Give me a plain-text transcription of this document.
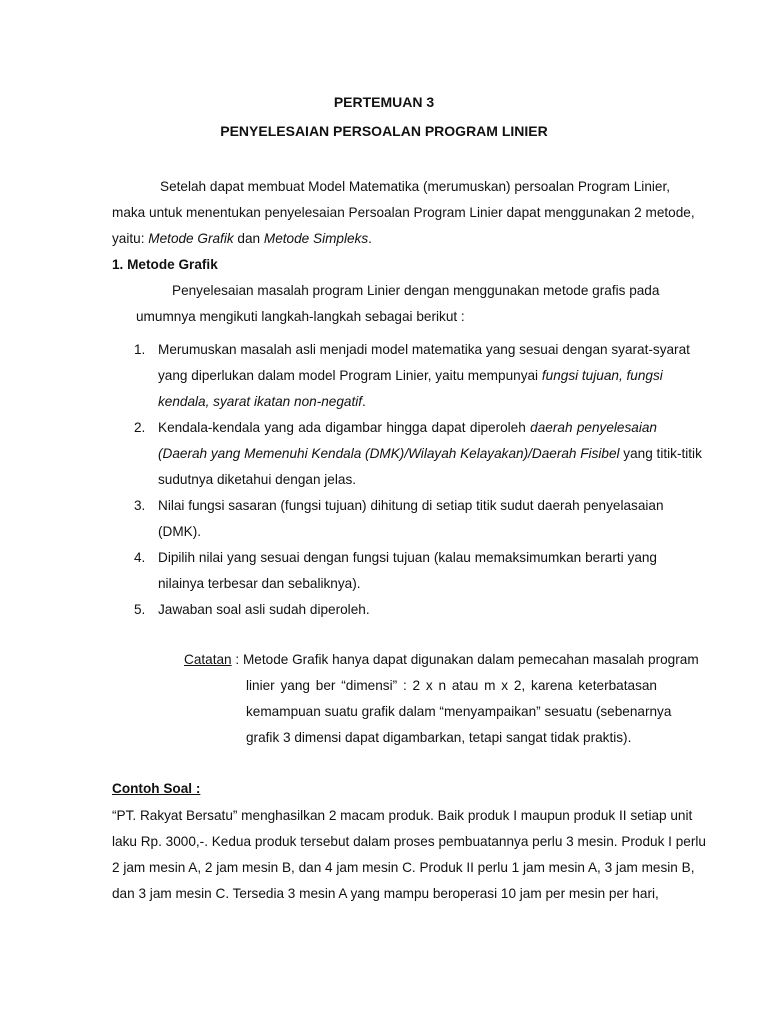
PERTEMUAN 3
PENYELESAIAN PERSOALAN PROGRAM LINIER
Setelah dapat membuat Model Matematika (merumuskan) persoalan Program Linier,
maka untuk menentukan penyelesaian Persoalan Program Linier dapat menggunakan 2 metode,
yaitu: Metode Grafik dan Metode Simpleks.
1. Metode Grafik
Penyelesaian masalah program Linier dengan menggunakan metode grafis pada
umumnya mengikuti langkah-langkah sebagai berikut :
1. Merumuskan masalah asli menjadi model matematika yang sesuai dengan syarat-syarat
yang diperlukan dalam model Program Linier, yaitu mempunyai fungsi tujuan, fungsi
kendala, syarat ikatan non-negatif.
2. Kendala-kendala yang ada digambar hingga dapat diperoleh daerah penyelesaian
(Daerah yang Memenuhi Kendala (DMK)/Wilayah Kelayakan)/Daerah Fisibel yang titik-titik
sudutnya diketahui dengan jelas.
3. Nilai fungsi sasaran (fungsi tujuan) dihitung di setiap titik sudut daerah penyelasaian
(DMK).
4. Dipilih nilai yang sesuai dengan fungsi tujuan (kalau memaksimumkan berarti yang
nilainya terbesar dan sebaliknya).
5. Jawaban soal asli sudah diperoleh.
Catatan : Metode Grafik hanya dapat digunakan dalam pemecahan masalah program
linier yang ber “dimensi” : 2 x n atau m x 2, karena keterbatasan
kemampuan suatu grafik dalam “menyampaikan” sesuatu (sebenarnya
grafik 3 dimensi dapat digambarkan, tetapi sangat tidak praktis).
Contoh Soal :
“PT. Rakyat Bersatu” menghasilkan 2 macam produk. Baik produk I maupun produk II setiap unit
laku Rp. 3000,-. Kedua produk tersebut dalam proses pembuatannya perlu 3 mesin. Produk I perlu
2 jam mesin A, 2 jam mesin B, dan 4 jam mesin C. Produk II perlu 1 jam mesin A, 3 jam mesin B,
dan 3 jam mesin C. Tersedia 3 mesin A yang mampu beroperasi 10 jam per mesin per hari,
